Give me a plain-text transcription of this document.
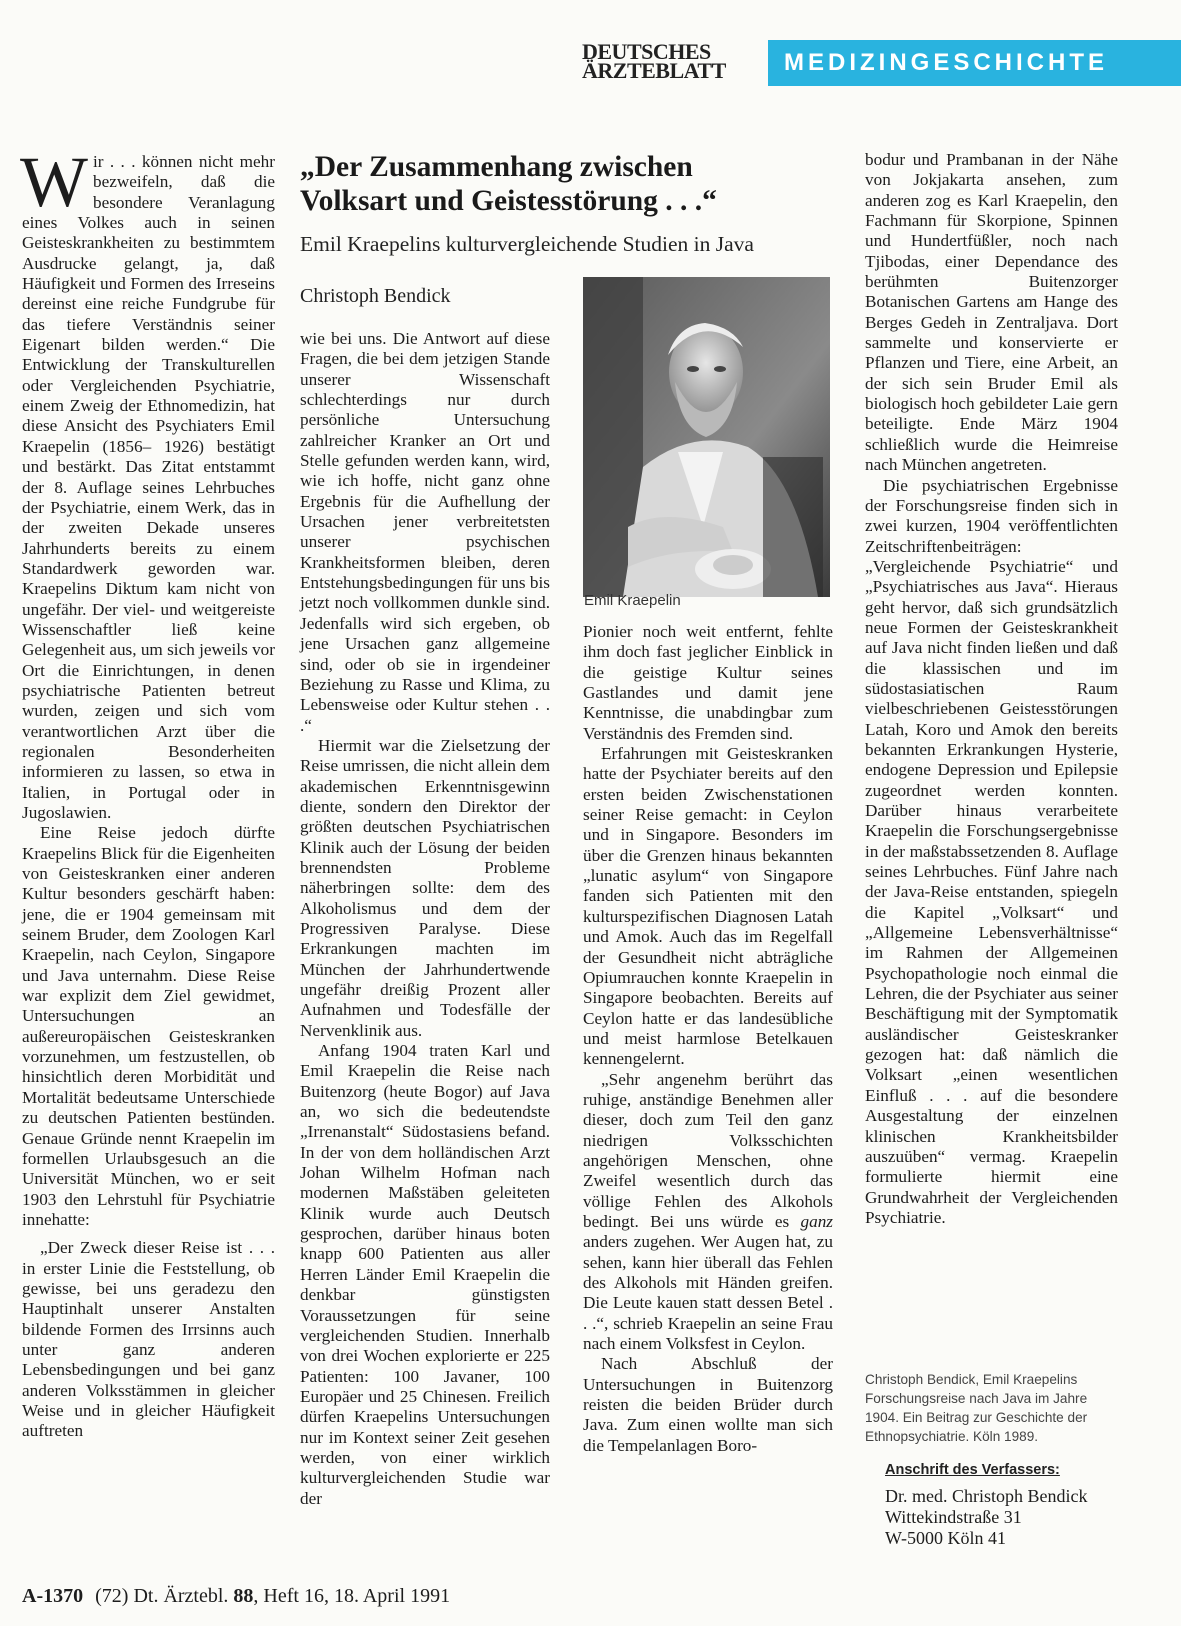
DEUTSCHES
ÄRZTEBLATT	MEDIZINGESCHICHTE

Wir . . . können nicht mehr bezweifeln, daß die besondere Veranlagung eines Volkes auch in seinen Geisteskrankheiten zu bestimmtem Ausdrucke gelangt, ja, daß Häufigkeit und Formen des Irreseins dereinst eine reiche Fundgrube für das tiefere Verständnis seiner Eigenart bilden werden.“ Die Entwicklung der Transkulturellen oder Vergleichenden Psychiatrie, einem Zweig der Ethnomedizin, hat diese Ansicht des Psychiaters Emil Kraepelin (1856– 1926) bestätigt und bestärkt. Das Zitat entstammt der 8. Auflage seines Lehrbuches der Psychiatrie, einem Werk, das in der zweiten Dekade unseres Jahrhunderts bereits zu einem Standardwerk geworden war. Kraepelins Diktum kam nicht von ungefähr. Der viel- und weitgereiste Wissenschaftler ließ keine Gelegenheit aus, um sich jeweils vor Ort die Einrichtungen, in denen psychiatrische Patienten betreut wurden, zeigen und sich vom verantwortlichen Arzt über die regionalen Besonderheiten informieren zu lassen, so etwa in Italien, in Portugal oder in Jugoslawien.

Eine Reise jedoch dürfte Kraepelins Blick für die Eigenheiten von Geisteskranken einer anderen Kultur besonders geschärft haben: jene, die er 1904 gemeinsam mit seinem Bruder, dem Zoologen Karl Kraepelin, nach Ceylon, Singapore und Java unternahm. Diese Reise war explizit dem Ziel gewidmet, Untersuchungen an außereuropäischen Geisteskranken vorzunehmen, um festzustellen, ob hinsichtlich deren Morbidität und Mortalität bedeutsame Unterschiede zu deutschen Patienten bestünden. Genaue Gründe nennt Kraepelin im formellen Urlaubsgesuch an die Universität München, wo er seit 1903 den Lehrstuhl für Psychiatrie innehatte:

„Der Zweck dieser Reise ist . . . in erster Linie die Feststellung, ob gewisse, bei uns geradezu den Hauptinhalt unserer Anstalten bildende Formen des Irrsinns auch unter ganz anderen Lebensbedingungen und bei ganz anderen Volksstämmen in gleicher Weise und in gleicher Häufigkeit auftreten

„Der Zusammenhang zwischen
Volksart und Geistesstörung . . .“
Emil Kraepelins kulturvergleichende Studien in Java
Christoph Bendick

wie bei uns. Die Antwort auf diese Fragen, die bei dem jetzigen Stande unserer Wissenschaft schlechterdings nur durch persönliche Untersuchung zahlreicher Kranker an Ort und Stelle gefunden werden kann, wird, wie ich hoffe, nicht ganz ohne Ergebnis für die Aufhellung der Ursachen jener verbreitetsten unserer psychischen Krankheitsformen bleiben, deren Entstehungsbedingungen für uns bis jetzt noch vollkommen dunkle sind. Jedenfalls wird sich ergeben, ob jene Ursachen ganz allgemeine sind, oder ob sie in irgendeiner Beziehung zu Rasse und Klima, zu Lebensweise oder Kultur stehen . . .“

Hiermit war die Zielsetzung der Reise umrissen, die nicht allein dem akademischen Erkenntnisgewinn diente, sondern den Direktor der größten deutschen Psychiatrischen Klinik auch der Lösung der beiden brennendsten Probleme näherbringen sollte: dem des Alkoholismus und dem der Progressiven Paralyse. Diese Erkrankungen machten im München der Jahrhundertwende ungefähr dreißig Prozent aller Aufnahmen und Todesfälle der Nervenklinik aus.

Anfang 1904 traten Karl und Emil Kraepelin die Reise nach Buitenzorg (heute Bogor) auf Java an, wo sich die bedeutendste „Irrenanstalt“ Südostasiens befand. In der von dem holländischen Arzt Johan Wilhelm Hofman nach modernen Maßstäben geleiteten Klinik wurde auch Deutsch gesprochen, darüber hinaus boten knapp 600 Patienten aus aller Herren Länder Emil Kraepelin die denkbar günstigsten Voraussetzungen für seine vergleichenden Studien. Innerhalb von drei Wochen explorierte er 225 Patienten: 100 Javaner, 100 Europäer und 25 Chinesen. Freilich dürfen Kraepelins Untersuchungen nur im Kontext seiner Zeit gesehen werden, von einer wirklich kulturvergleichenden Studie war der

Emil Kraepelin

Pionier noch weit entfernt, fehlte ihm doch fast jeglicher Einblick in die geistige Kultur seines Gastlandes und damit jene Kenntnisse, die unabdingbar zum Verständnis des Fremden sind.

Erfahrungen mit Geisteskranken hatte der Psychiater bereits auf den ersten beiden Zwischenstationen seiner Reise gemacht: in Ceylon und in Singapore. Besonders im über die Grenzen hinaus bekannten „lunatic asylum“ von Singapore fanden sich Patienten mit den kulturspezifischen Diagnosen Latah und Amok. Auch das im Regelfall der Gesundheit nicht abträgliche Opiumrauchen konnte Kraepelin in Singapore beobachten. Bereits auf Ceylon hatte er das landesübliche und meist harmlose Betelkauen kennengelernt.

„Sehr angenehm berührt das ruhige, anständige Benehmen aller dieser, doch zum Teil den ganz niedrigen Volksschichten angehörigen Menschen, ohne Zweifel wesentlich durch das völlige Fehlen des Alkohols bedingt. Bei uns würde es ganz anders zugehen. Wer Augen hat, zu sehen, kann hier überall das Fehlen des Alkohols mit Händen greifen. Die Leute kauen statt dessen Betel . . .“, schrieb Kraepelin an seine Frau nach einem Volksfest in Ceylon.

Nach Abschluß der Untersuchungen in Buitenzorg reisten die beiden Brüder durch Java. Zum einen wollte man sich die Tempelanlagen Boro-

bodur und Prambanan in der Nähe von Jokjakarta ansehen, zum anderen zog es Karl Kraepelin, den Fachmann für Skorpione, Spinnen und Hundertfüßler, noch nach Tjibodas, einer Dependance des berühmten Buitenzorger Botanischen Gartens am Hange des Berges Gedeh in Zentraljava. Dort sammelte und konservierte er Pflanzen und Tiere, eine Arbeit, an der sich sein Bruder Emil als biologisch hoch gebildeter Laie gern beteiligte. Ende März 1904 schließlich wurde die Heimreise nach München angetreten.

Die psychiatrischen Ergebnisse der Forschungsreise finden sich in zwei kurzen, 1904 veröffentlichten Zeitschriftenbeiträgen: „Vergleichende Psychiatrie“ und „Psychiatrisches aus Java“. Hieraus geht hervor, daß sich grundsätzlich neue Formen der Geisteskrankheit auf Java nicht finden ließen und daß die klassischen und im südostasiatischen Raum vielbeschriebenen Geistesstörungen Latah, Koro und Amok den bereits bekannten Erkrankungen Hysterie, endogene Depression und Epilepsie zugeordnet werden konnten. Darüber hinaus verarbeitete Kraepelin die Forschungsergebnisse in der maßstabssetzenden 8. Auflage seines Lehrbuches. Fünf Jahre nach der Java-Reise entstanden, spiegeln die Kapitel „Volksart“ und „Allgemeine Lebensverhältnisse“ im Rahmen der Allgemeinen Psychopathologie noch einmal die Lehren, die der Psychiater aus seiner Beschäftigung mit der Symptomatik ausländischer Geisteskranker gezogen hat: daß nämlich die Volksart „einen wesentlichen Einfluß . . . auf die besondere Ausgestaltung der einzelnen klinischen Krankheitsbilder auszuüben“ vermag. Kraepelin formulierte hiermit eine Grundwahrheit der Vergleichenden Psychiatrie.

Christoph Bendick, Emil Kraepelins Forschungsreise nach Java im Jahre 1904. Ein Beitrag zur Geschichte der Ethnopsychiatrie. Köln 1989.
Anschrift des Verfassers:
Dr. med. Christoph Bendick
Wittekindstraße 31
W-5000 Köln 41
A-1370 (72) Dt. Ärztebl. 88, Heft 16, 18. April 1991
